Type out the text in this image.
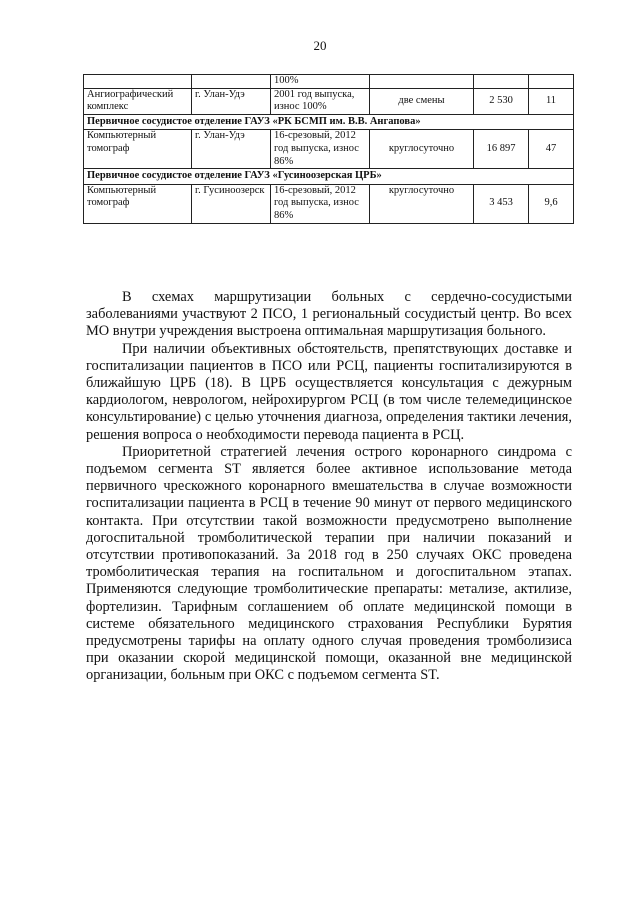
20
		100%			
Ангиографический комплекс	г. Улан-Удэ	2001 год выпуска, износ 100%	две смены	2 530	11
Первичное сосудистое отделение ГАУЗ «РК БСМП им. В.В. Ангапова»					
Компьютерный томограф	г. Улан-Удэ	16-срезовый, 2012 год выпуска, износ 86%	круглосуточно	16 897	47
Первичное сосудистое отделение ГАУЗ «Гусиноозерская ЦРБ»					
Компьютерный томограф	г. Гусиноозерск	16-срезовый, 2012 год выпуска, износ 86%	круглосуточно	3 453	9,6

В схемах маршрутизации больных с сердечно-сосудистыми заболеваниями участвуют 2 ПСО, 1 региональный сосудистый центр. Во всех МО внутри учреждения выстроена оптимальная маршрутизация больного.

При наличии объективных обстоятельств, препятствующих доставке и госпитализации пациентов в ПСО или РСЦ, пациенты госпитализируются в ближайшую ЦРБ (18). В ЦРБ осуществляется консультация с дежурным кардиологом, неврологом, нейрохирургом РСЦ (в том числе телемедицинское консультирование) с целью уточнения диагноза, определения тактики лечения, решения вопроса о необходимости перевода пациента в РСЦ.

Приоритетной стратегией лечения острого коронарного синдрома с подъемом сегмента ST является более активное использование метода первичного чрескожного коронарного вмешательства в случае возможности госпитализации пациента в РСЦ в течение 90 минут от первого медицинского контакта. При отсутствии такой возможности предусмотрено выполнение догоспитальной тромболитической терапии при наличии показаний и отсутствии противопоказаний. За 2018 год в 250 случаях ОКС проведена тромболитическая терапия на госпитальном и догоспитальном этапах. Применяются следующие тромболитические препараты: метализе, актилизе, фортелизин. Тарифным соглашением об оплате медицинской помощи в системе обязательного медицинского страхования Республики Бурятия предусмотрены тарифы на оплату одного случая проведения тромболизиса при оказании скорой медицинской помощи, оказанной вне медицинской организации, больным при ОКС с подъемом сегмента ST.
